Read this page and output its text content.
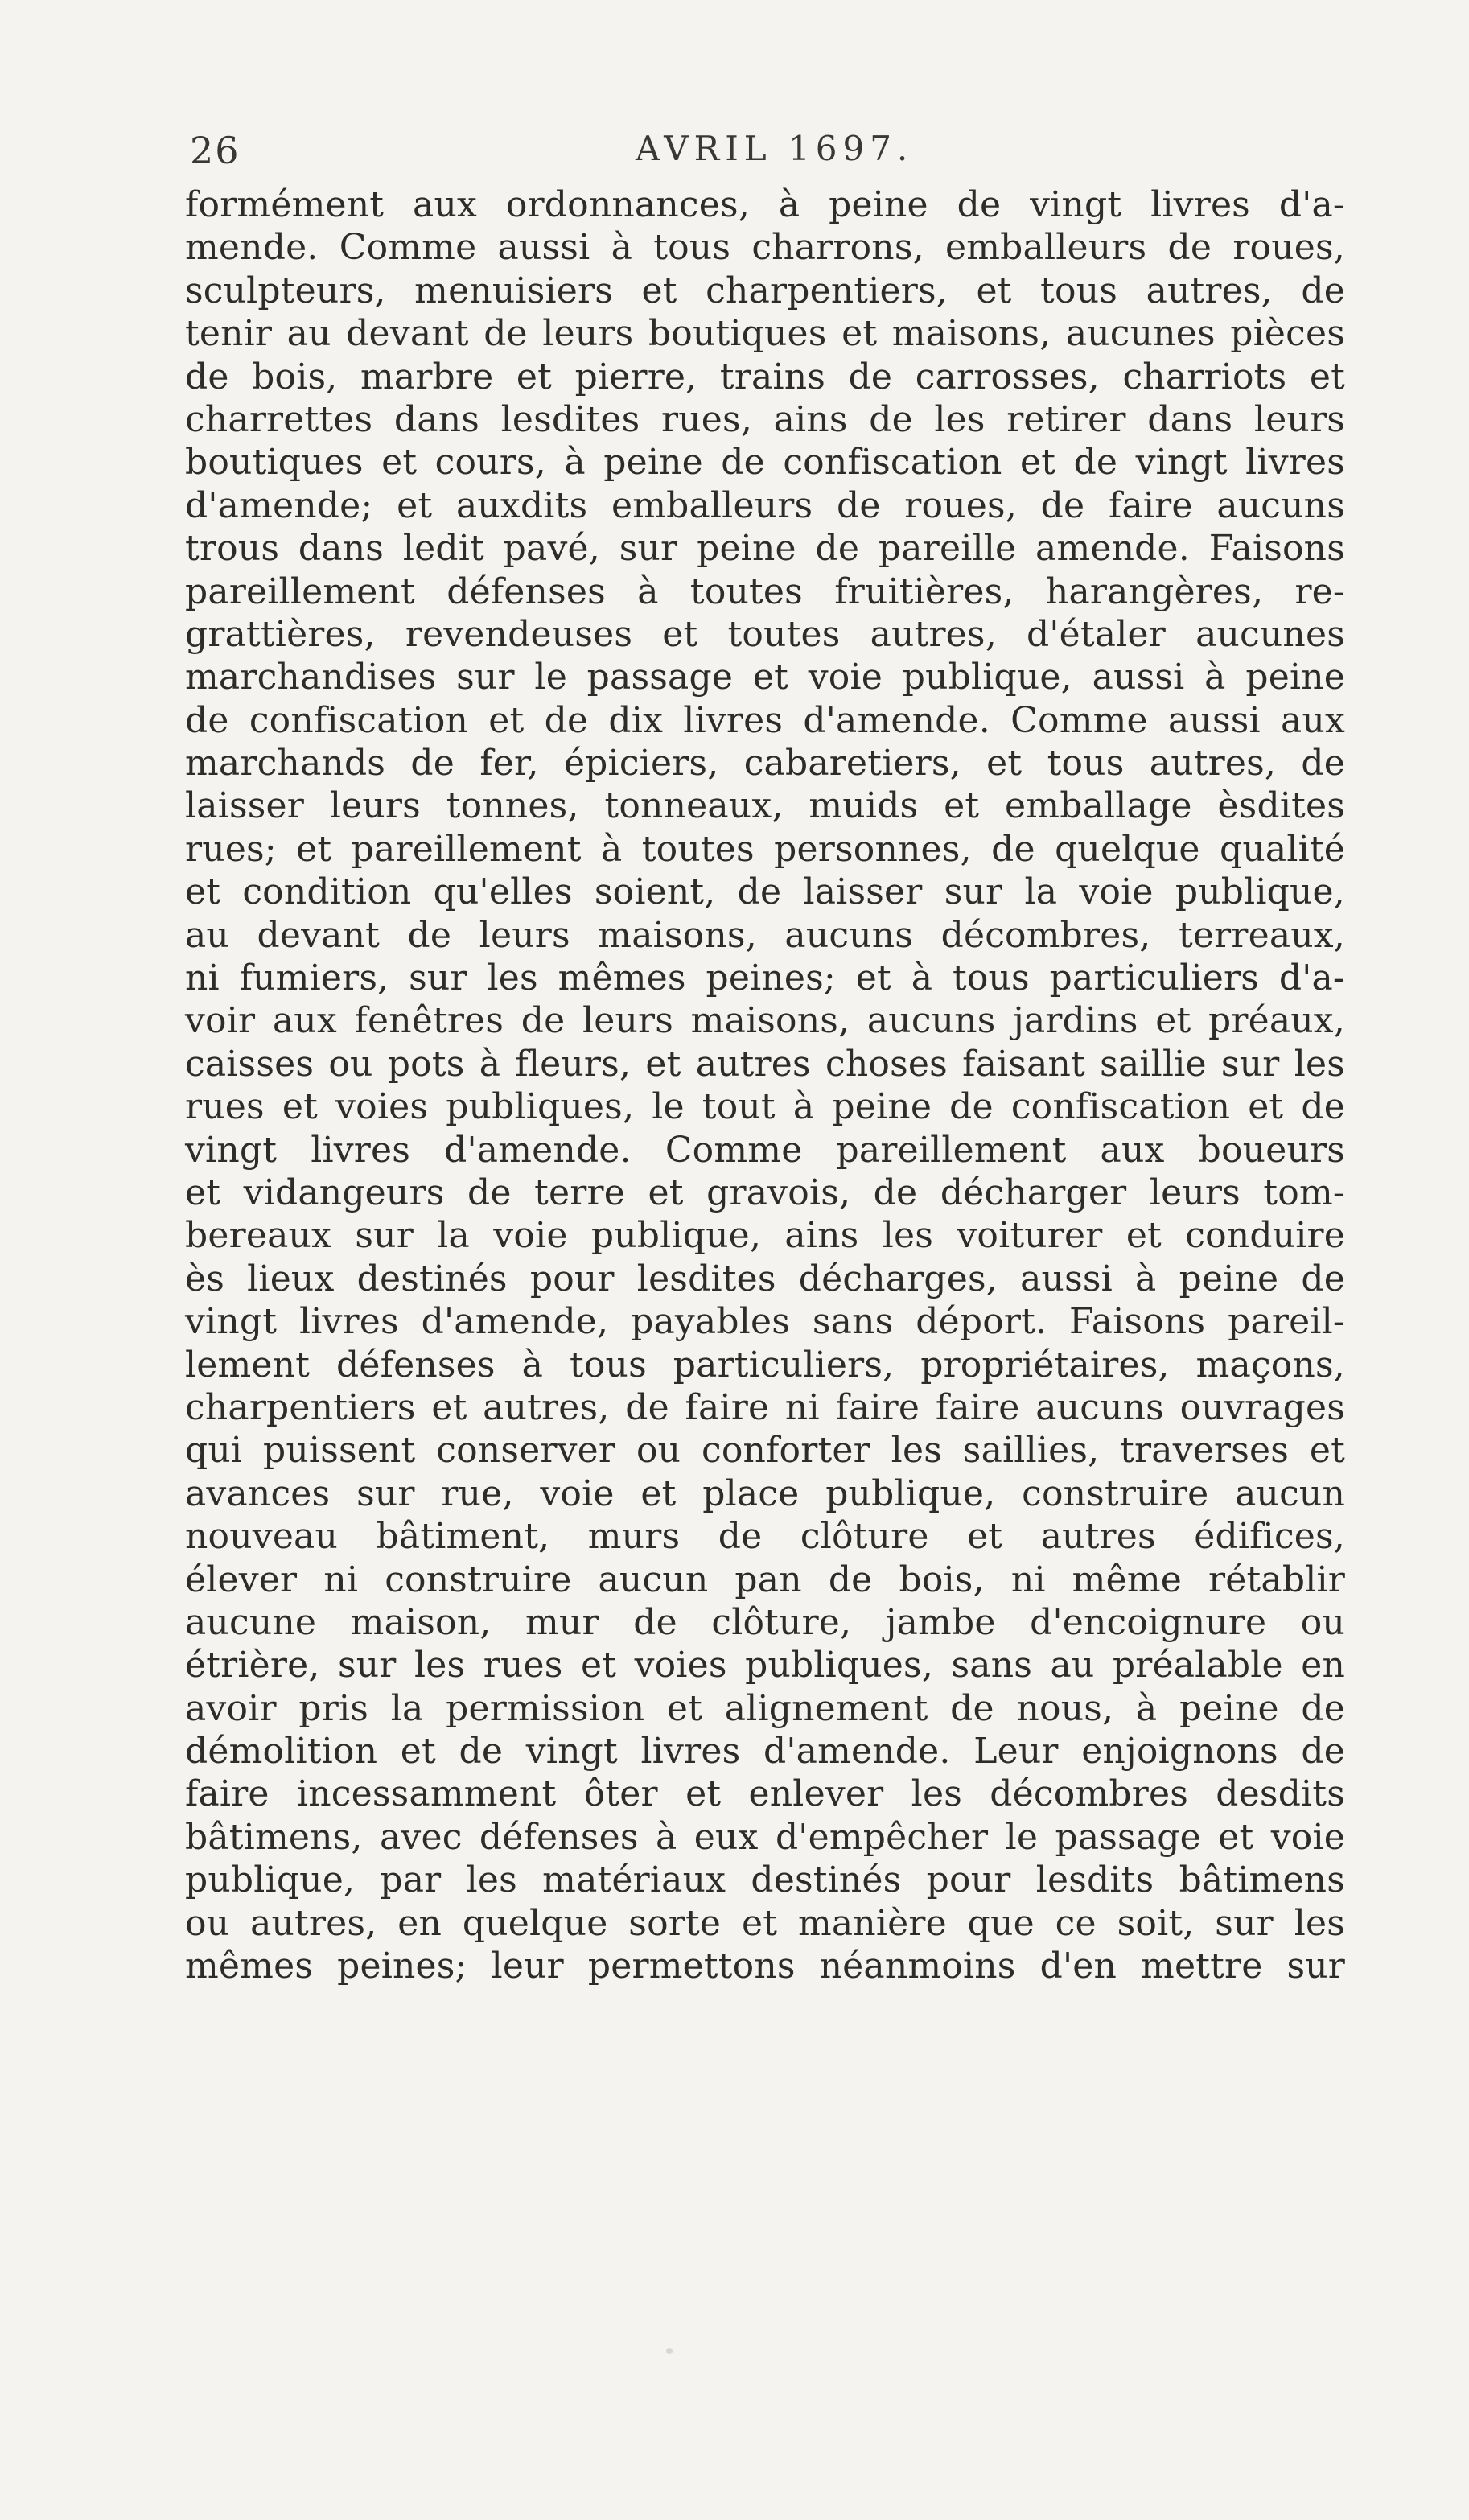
26	AVRIL 1697.
formément aux ordonnances, à peine de vingt livres d'a-
mende. Comme aussi à tous charrons, emballeurs de roues,
sculpteurs, menuisiers et charpentiers, et tous autres, de
tenir au devant de leurs boutiques et maisons, aucunes pièces
de bois, marbre et pierre, trains de carrosses, charriots et
charrettes dans lesdites rues, ains de les retirer dans leurs
boutiques et cours, à peine de confiscation et de vingt livres
d'amende; et auxdits emballeurs de roues, de faire aucuns
trous dans ledit pavé, sur peine de pareille amende. Faisons
pareillement défenses à toutes fruitières, harangères, re-
grattières, revendeuses et toutes autres, d'étaler aucunes
marchandises sur le passage et voie publique, aussi à peine
de confiscation et de dix livres d'amende. Comme aussi aux
marchands de fer, épiciers, cabaretiers, et tous autres, de
laisser leurs tonnes, tonneaux, muids et emballage èsdites
rues; et pareillement à toutes personnes, de quelque qualité
et condition qu'elles soient, de laisser sur la voie publique,
au devant de leurs maisons, aucuns décombres, terreaux,
ni fumiers, sur les mêmes peines; et à tous particuliers d'a-
voir aux fenêtres de leurs maisons, aucuns jardins et préaux,
caisses ou pots à fleurs, et autres choses faisant saillie sur les
rues et voies publiques, le tout à peine de confiscation et de
vingt livres d'amende. Comme pareillement aux boueurs
et vidangeurs de terre et gravois, de décharger leurs tom-
bereaux sur la voie publique, ains les voiturer et conduire
ès lieux destinés pour lesdites décharges, aussi à peine de
vingt livres d'amende, payables sans déport. Faisons pareil-
lement défenses à tous particuliers, propriétaires, maçons,
charpentiers et autres, de faire ni faire faire aucuns ouvrages
qui puissent conserver ou conforter les saillies, traverses et
avances sur rue, voie et place publique, construire aucun
nouveau bâtiment, murs de clôture et autres édifices,
élever ni construire aucun pan de bois, ni même rétablir
aucune maison, mur de clôture, jambe d'encoignure ou
étrière, sur les rues et voies publiques, sans au préalable en
avoir pris la permission et alignement de nous, à peine de
démolition et de vingt livres d'amende. Leur enjoignons de
faire incessamment ôter et enlever les décombres desdits
bâtimens, avec défenses à eux d'empêcher le passage et voie
publique, par les matériaux destinés pour lesdits bâtimens
ou autres, en quelque sorte et manière que ce soit, sur les
mêmes peines; leur permettons néanmoins d'en mettre sur
